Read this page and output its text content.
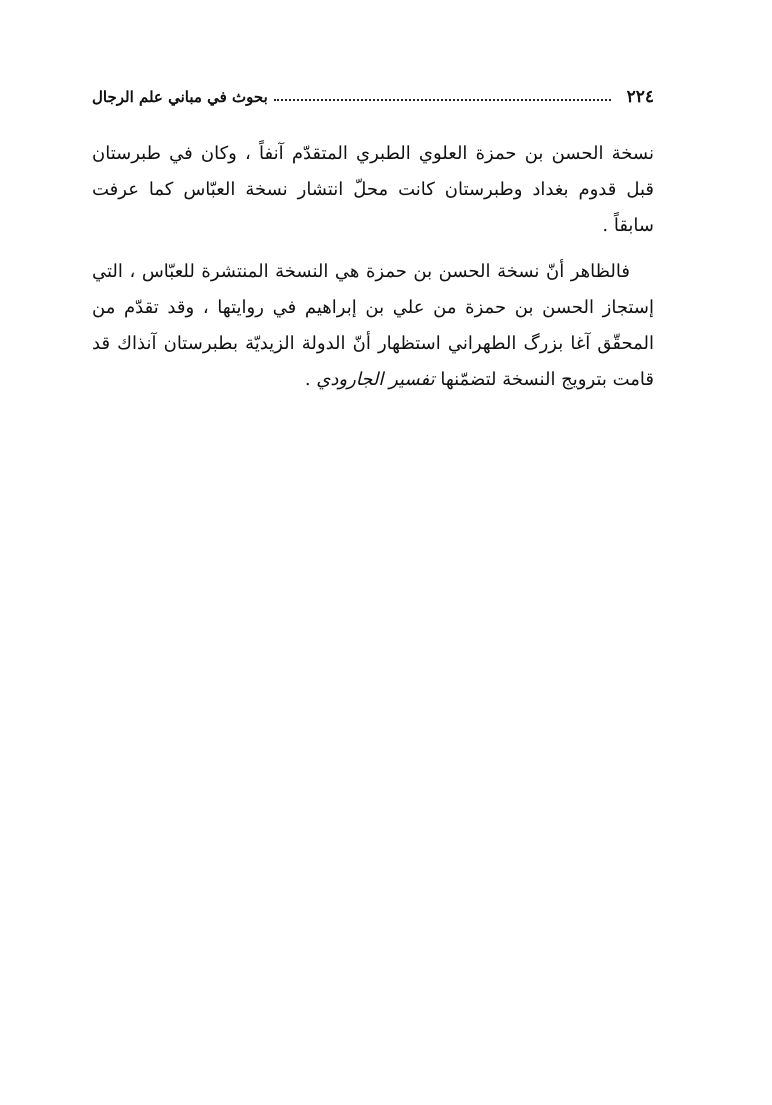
٢٢٤
بحوث في مباني علم الرجال

نسخة الحسن بن حمزة العلوي الطبري المتقدّم آنفاً ، وكان في طبرستان قبل قدوم بغداد وطبرستان كانت محلّ انتشار نسخة العبّاس كما عرفت سابقاً .

فالظاهر أنّ نسخة الحسن بن حمزة هي النسخة المنتشرة للعبّاس ، التي إستجاز الحسن بن حمزة من علي بن إبراهيم في روايتها ، وقد تقدّم من المحقّق آغا بزرگ الطهراني استظهار أنّ الدولة الزيديّة بطبرستان آنذاك قد قامت بترويج النسخة لتضمّنها تفسير الجارودي .
